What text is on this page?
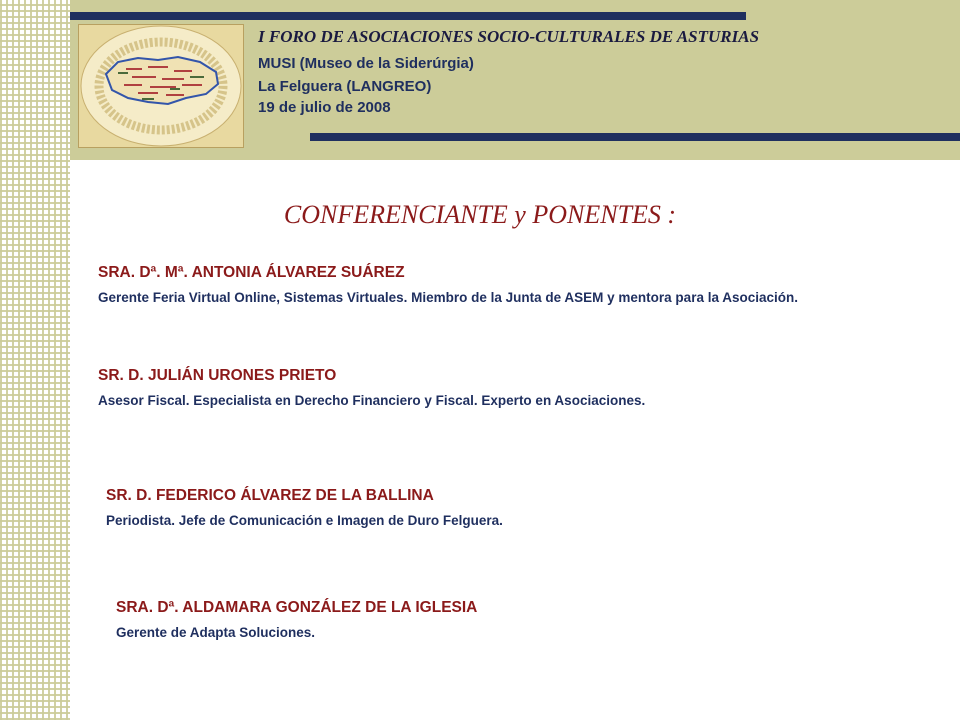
I FORO DE ASOCIACIONES SOCIO-CULTURALES DE ASTURIAS

MUSI (Museo de la Siderúrgia)

La Felguera (LANGREO)

19 de julio de 2008

CONFERENCIANTE y PONENTES :

SRA. Dª. Mª. ANTONIA ÁLVAREZ SUÁREZ

Gerente Feria Virtual Online, Sistemas Virtuales. Miembro de la Junta de ASEM y mentora para la Asociación.

SR. D. JULIÁN URONES PRIETO

Asesor Fiscal. Especialista en Derecho Financiero y Fiscal. Experto en Asociaciones.

SR. D. FEDERICO ÁLVAREZ DE LA BALLINA

Periodista. Jefe de Comunicación e Imagen de Duro Felguera.

SRA. Dª. ALDAMARA GONZÁLEZ DE LA IGLESIA

Gerente de Adapta Soluciones.
